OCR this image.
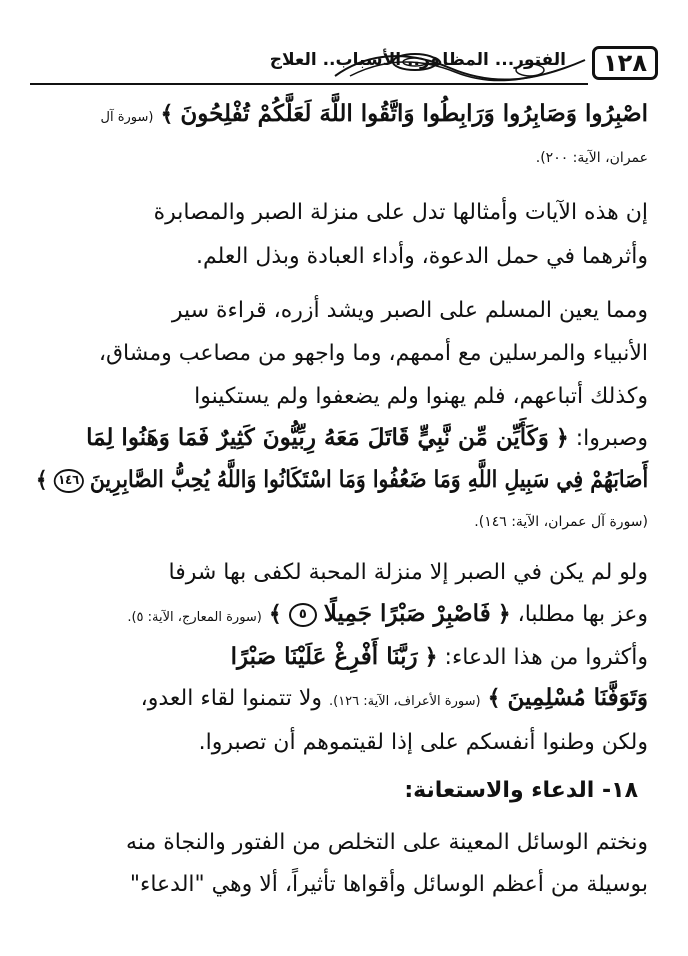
الفتور... المظاهر.. الأسباب.. العلاج	١٢٨
اصْبِرُوا وَصَابِرُوا وَرَابِطُوا وَاتَّقُوا اللَّهَ لَعَلَّكُمْ تُفْلِحُونَ ﴾ (سورة آل
عمران، الآية: ٢٠٠).
إن هذه الآيات وأمثالها تدل على منزلة الصبر والمصابرة
وأثرهما في حمل الدعوة، وأداء العبادة وبذل العلم.
ومما يعين المسلم على الصبر ويشد أزره، قراءة سير
الأنبياء والمرسلين مع أممهم، وما واجهو من مصاعب ومشاق،
وكذلك أتباعهم، فلم يهنوا ولم يضعفوا ولم يستكينوا
وصبروا: ﴿ وَكَأَيِّن مِّن نَّبِيٍّ قَاتَلَ مَعَهُ رِبِّيُّونَ كَثِيرٌ فَمَا وَهَنُوا لِمَا
أَصَابَهُمْ فِي سَبِيلِ اللَّهِ وَمَا ضَعُفُوا وَمَا اسْتَكَانُوا وَاللَّهُ يُحِبُّ الصَّابِرِينَ ١٤٦ ﴾
(سورة آل عمران، الآية: ١٤٦).
ولو لم يكن في الصبر إلا منزلة المحبة لكفى بها شرفا
وعز بها مطلبا، ﴿ فَاصْبِرْ صَبْرًا جَمِيلًا ٥ ﴾ (سورة المعارج، الآية: ٥).
وأكثروا من هذا الدعاء: ﴿ رَبَّنَا أَفْرِغْ عَلَيْنَا صَبْرًا
وَتَوَفَّنَا مُسْلِمِينَ ﴾ (سورة الأعراف، الآية: ١٢٦). ولا تتمنوا لقاء العدو،
ولكن وطنوا أنفسكم على إذا لقيتموهم أن تصبروا.
١٨- الدعاء والاستعانة:
ونختم الوسائل المعينة على التخلص من الفتور والنجاة منه
بوسيلة من أعظم الوسائل وأقواها تأثيراً، ألا وهي "الدعاء"
